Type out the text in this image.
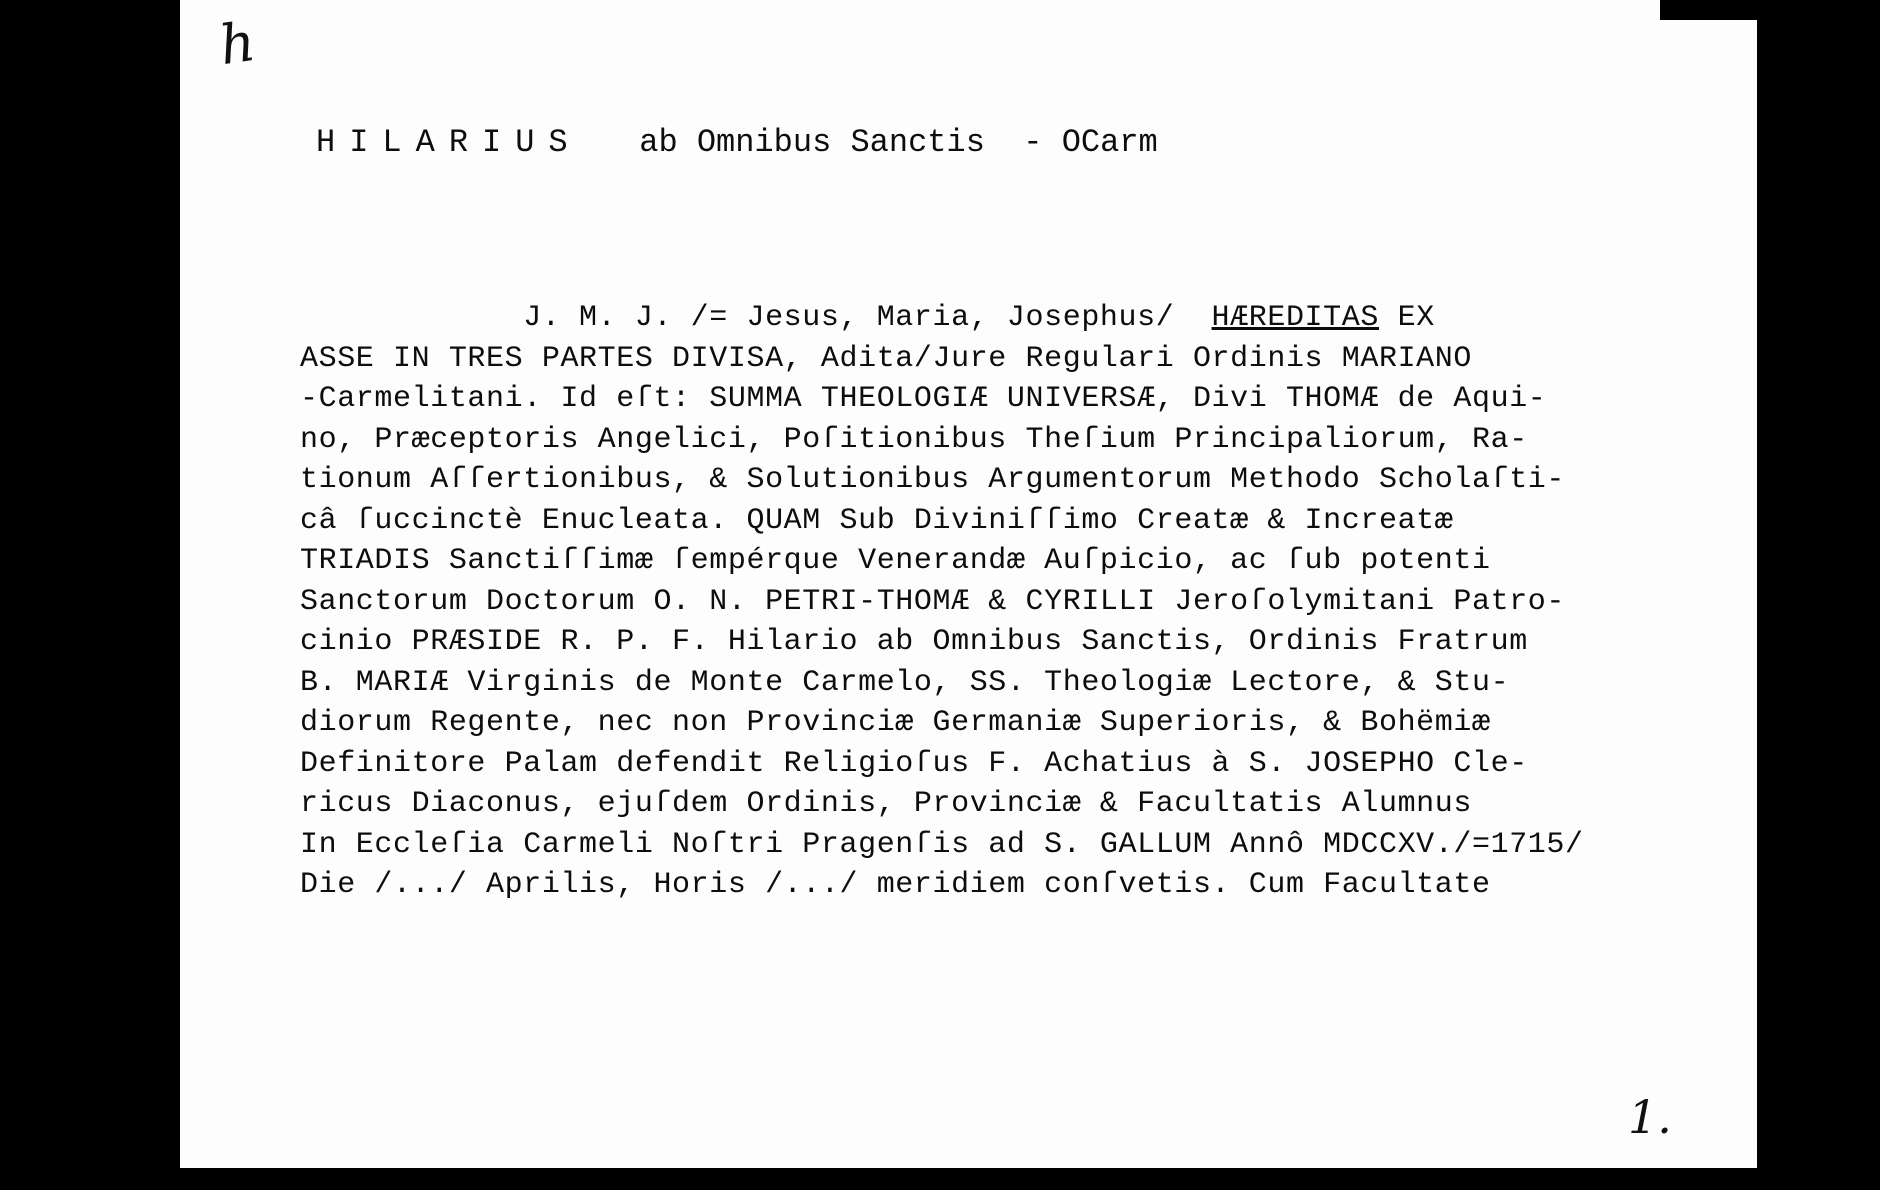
h
HILARIUS ab Omnibus Sanctis - OCarm
J. M. J. /= Jesus, Maria, Josephus/  HÆREDITAS EX
ASSE IN TRES PARTES DIVISA, Adita/Jure Regulari Ordinis MARIANO
-Carmelitani. Id eſt: SUMMA THEOLOGIÆ UNIVERSÆ, Divi THOMÆ de Aqui-
no, Præceptoris Angelici, Poſitionibus Theſium Principaliorum, Ra-
tionum Aſſertionibus, & Solutionibus Argumentorum Methodo Scholaſti-
câ ſuccinctè Enucleata. QUAM Sub Diviniſſimo Creatæ & Increatæ
TRIADIS Sanctiſſimæ ſempérque Venerandæ Auſpicio, ac ſub potenti
Sanctorum Doctorum O. N. PETRI-THOMÆ & CYRILLI Jeroſolymitani Patro-
cinio PRÆSIDE R. P. F. Hilario ab Omnibus Sanctis, Ordinis Fratrum
B. MARIÆ Virginis de Monte Carmelo, SS. Theologiæ Lectore, & Stu-
diorum Regente, nec non Provinciæ Germaniæ Superioris, & Bohëmiæ
Definitore Palam defendit Religioſus F. Achatius à S. JOSEPHO Cle-
ricus Diaconus, ejuſdem Ordinis, Provinciæ & Facultatis Alumnus
In Eccleſia Carmeli Noſtri Pragenſis ad S. GALLUM Annô MDCCXV./=1715/
Die /.../ Aprilis, Horis /.../ meridiem conſvetis. Cum Facultate
1.
